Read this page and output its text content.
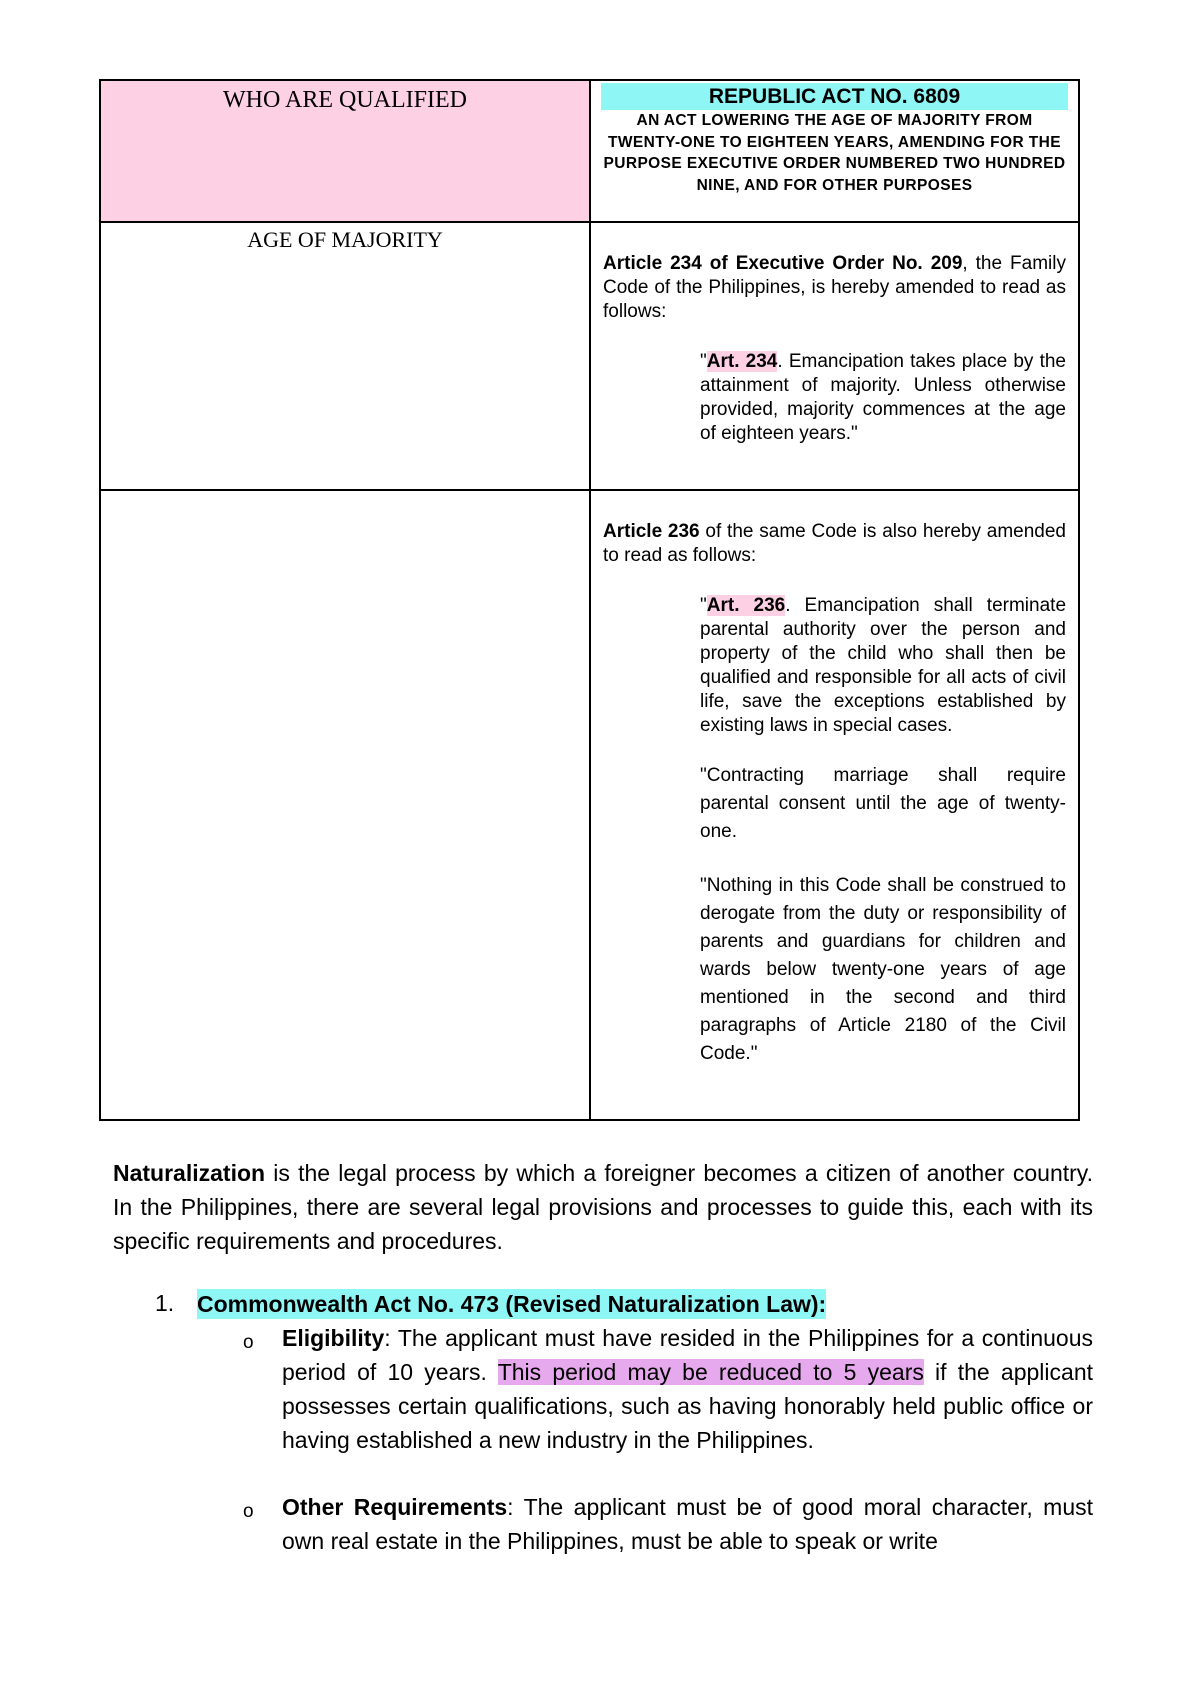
WHO ARE QUALIFIED	REPUBLIC ACT NO. 6809
AN ACT LOWERING THE AGE OF MAJORITY FROM TWENTY-ONE TO EIGHTEEN YEARS, AMENDING FOR THE PURPOSE EXECUTIVE ORDER NUMBERED TWO HUNDRED NINE, AND FOR OTHER PURPOSES

AGE OF MAJORITY	Article 234 of Executive Order No. 209, the Family Code of the Philippines, is hereby amended to read as follows:

"Art. 234. Emancipation takes place by the attainment of majority. Unless otherwise provided, majority commences at the age of eighteen years."

	Article 236 of the same Code is also hereby amended to read as follows:

"Art. 236. Emancipation shall terminate parental authority over the person and property of the child who shall then be qualified and responsible for all acts of civil life, save the exceptions established by existing laws in special cases.

"Contracting marriage shall require parental consent until the age of twenty-one.

"Nothing in this Code shall be construed to derogate from the duty or responsibility of parents and guardians for children and wards below twenty-one years of age mentioned in the second and third paragraphs of Article 2180 of the Civil Code."

Naturalization is the legal process by which a foreigner becomes a citizen of another country. In the Philippines, there are several legal provisions and processes to guide this, each with its specific requirements and procedures.

1. Commonwealth Act No. 473 (Revised Naturalization Law):
o Eligibility: The applicant must have resided in the Philippines for a continuous period of 10 years. This period may be reduced to 5 years if the applicant possesses certain qualifications, such as having honorably held public office or having established a new industry in the Philippines.

o Other Requirements: The applicant must be of good moral character, must own real estate in the Philippines, must be able to speak or write
